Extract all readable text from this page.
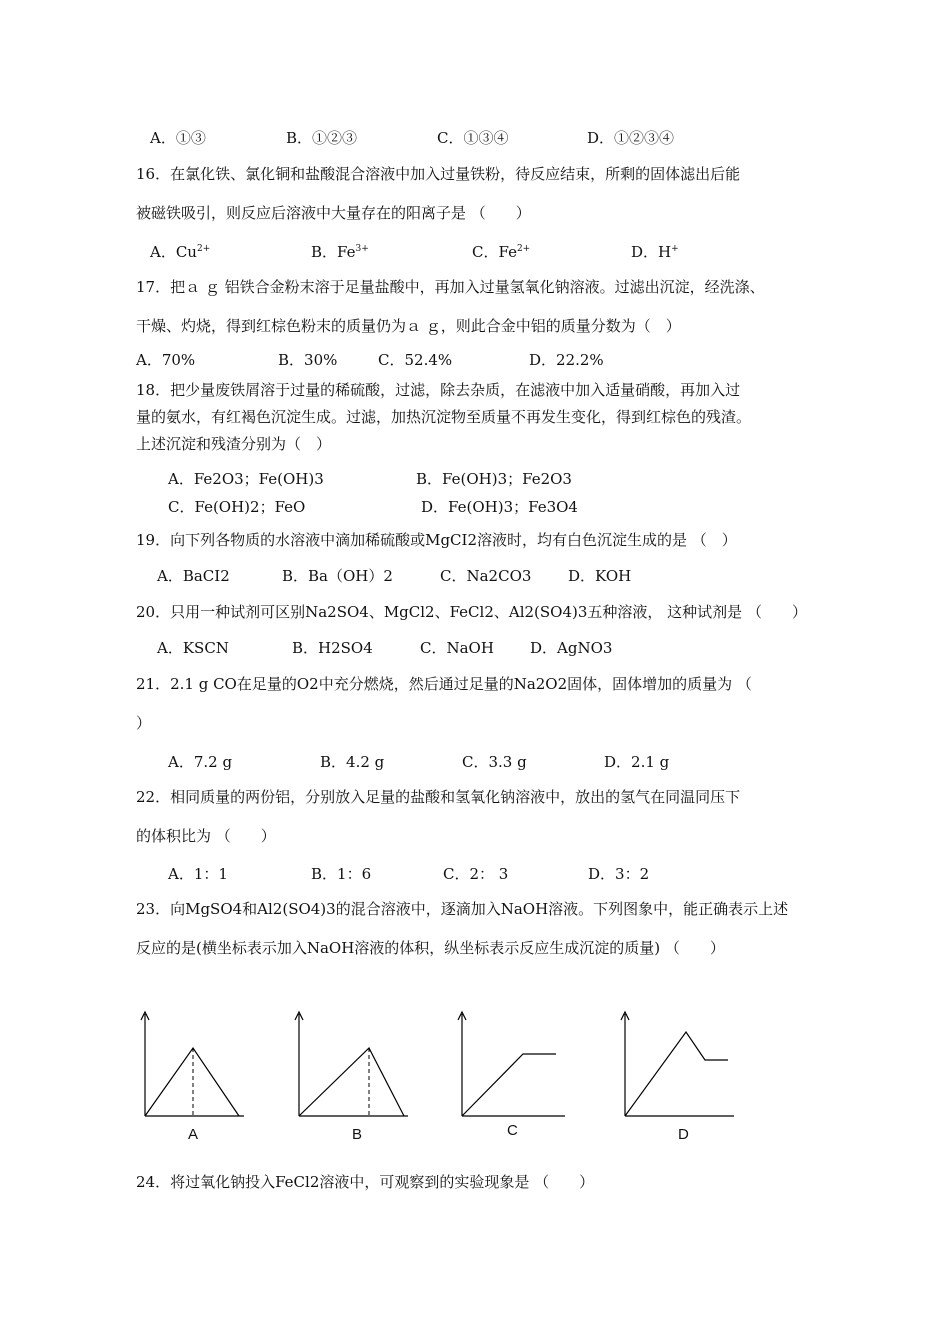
A．①③	B．①②③	C．①③④	D．①②③④
16．在氯化铁、氯化铜和盐酸混合溶液中加入过量铁粉，待反应结束，所剩的固体滤出后能
被磁铁吸引，则反应后溶液中大量存在的阳离子是 （　　）
A．$Cu^{2+}$	B．$Fe^{3+}$	C．$Fe^{2+}$	D．H+
17．把ａ ｇ 铝铁合金粉末溶于足量盐酸中，再加入过量氢氧化钠溶液。过滤出沉淀，经洗涤、
干燥、灼烧，得到红棕色粉末的质量仍为ａ ｇ，则此合金中铝的质量分数为（　）
A．70%	B．30%	C．52.4%	D．22.2%
18．把少量废铁屑溶于过量的稀硫酸，过滤，除去杂质，在滤液中加入适量硝酸，再加入过
量的氨水，有红褐色沉淀生成。过滤，加热沉淀物至质量不再发生变化，得到红棕色的残渣。
上述沉淀和残渣分别为（　）
A．Fe2O3；Fe(OH)3	B．Fe(OH)3；Fe2O3
C．Fe(OH)2；FeO	D．Fe(OH)3；Fe3O4
19．向下列各物质的水溶液中滴加稀硫酸或MgCI2溶液时，均有白色沉淀生成的是 （　）
A．BaCI2	B．Ba（OH）2	C．Na2CO3 D．KOH
20．只用一种试剂可区别Na2SO4、MgCl2、FeCl2、Al2(SO4)3五种溶液， 这种试剂是 （　　）
A．KSCN	B．H2SO4	C．NaOH D．AgNO3
21．2.1 g CO在足量的O2中充分燃烧，然后通过足量的Na2O2固体，固体增加的质量为 （
）
A．7.2 g	B．4.2 g	C．3.3 g	D．2.1 g
22．相同质量的两份铝，分别放入足量的盐酸和氢氧化钠溶液中，放出的氢气在同温同压下
的体积比为 （　　）
A．1：1	B．1：6	C．2： 3	D．3：2
23．向MgSO4和Al2(SO4)3的混合溶液中，逐滴加入NaOH溶液。下列图象中，能正确表示上述
反应的是(横坐标表示加入NaOH溶液的体积，纵坐标表示反应生成沉淀的质量) （　　）
A	B	C	D
24．将过氧化钠投入FeCl2溶液中，可观察到的实验现象是 （　　）
